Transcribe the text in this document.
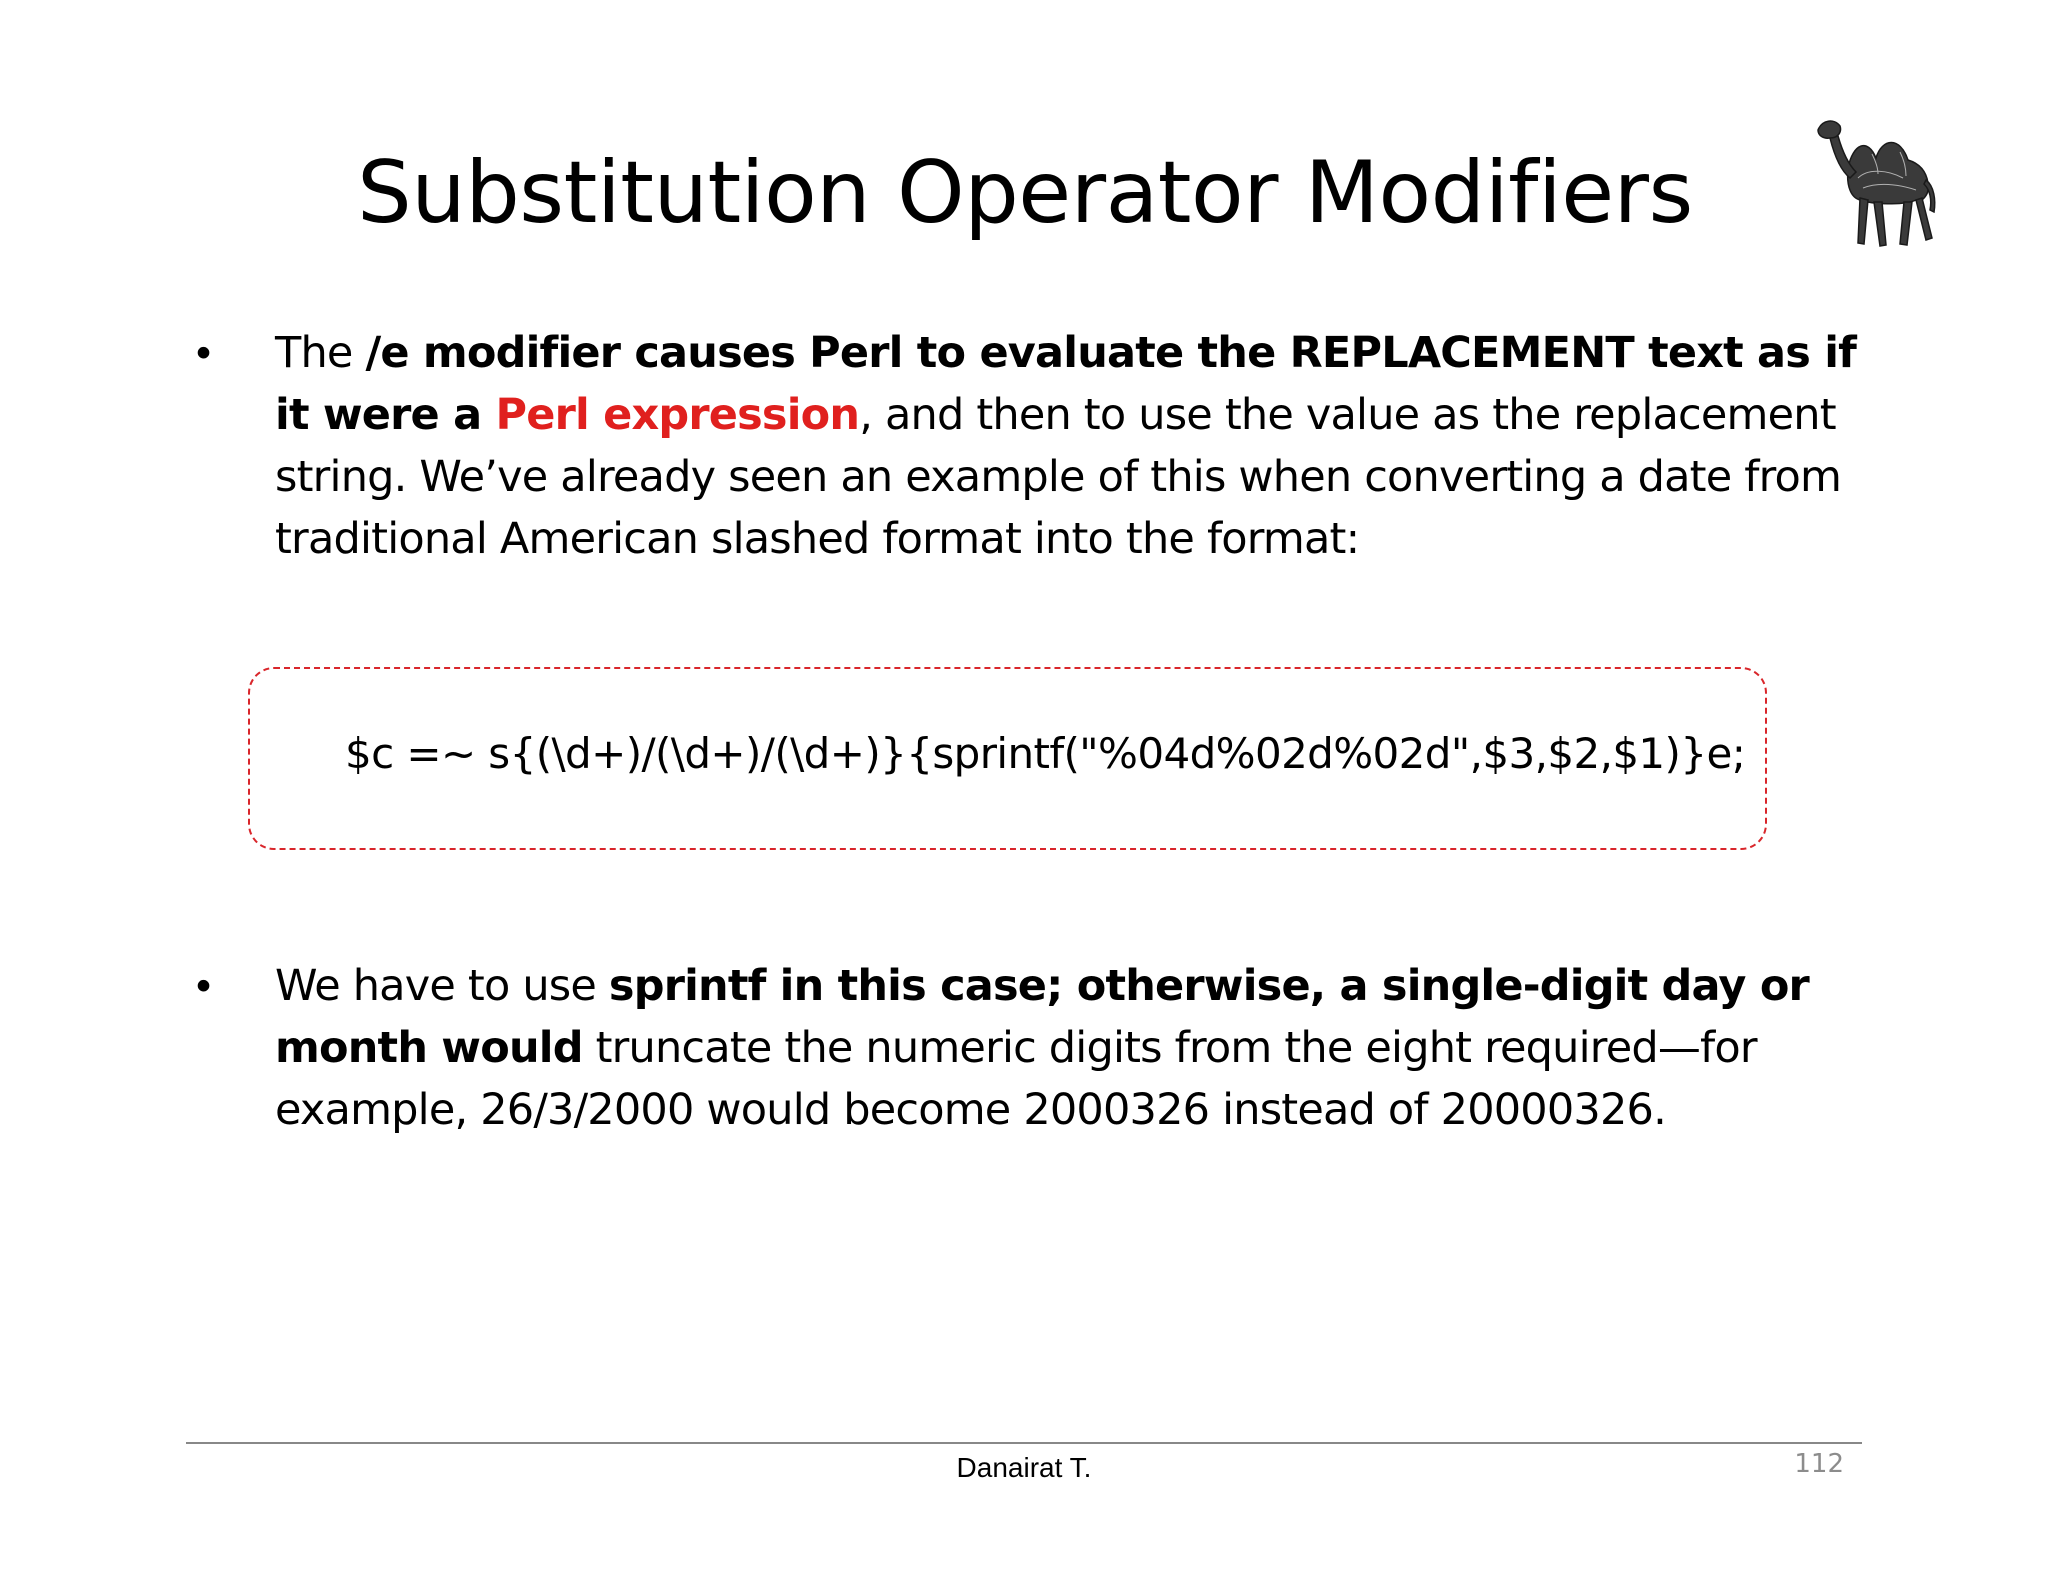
Substitution Operator Modifiers
•	The /e modifier causes Perl to evaluate the REPLACEMENT text as if it were a Perl expression, and then to use the value as the replacement string. We’ve already seen an example of this when converting a date from traditional American slashed format into the format:
$c =~ s{(\d+)/(\d+)/(\d+)}{sprintf("%04d%02d%02d",$3,$2,$1)}e;
•	We have to use sprintf in this case; otherwise, a single-digit day or month would truncate the numeric digits from the eight required—for example, 26/3/2000 would become 2000326 instead of 20000326.
Danairat T.	112
